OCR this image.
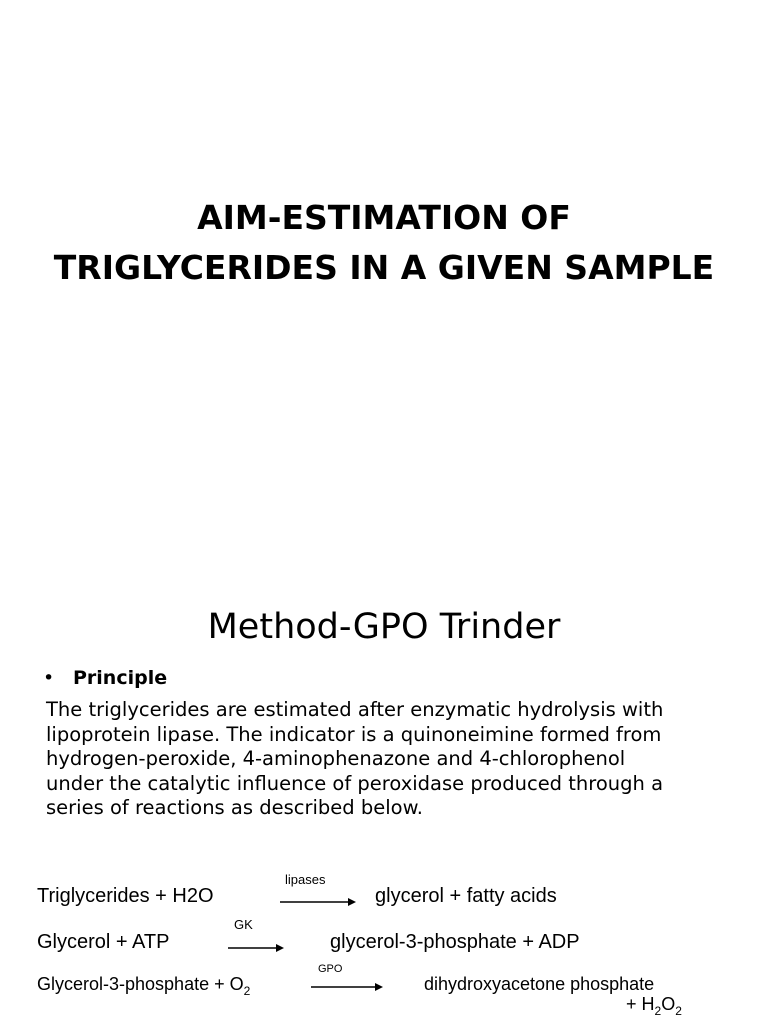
AIM-ESTIMATION OF
TRIGLYCERIDES IN A GIVEN SAMPLE
Method-GPO Trinder
• Principle
The triglycerides are estimated after enzymatic hydrolysis with
lipoprotein lipase. The indicator is a quinoneimine formed from
hydrogen-peroxide, 4-aminophenazone and 4-chlorophenol
under the catalytic influence of peroxidase produced through a
series of reactions as described below.
Triglycerides + H2O
lipases
glycerol + fatty acids
Glycerol + ATP
GK
glycerol-3-phosphate + ADP
Glycerol-3-phosphate + $O_2$
GPO
dihydroxyacetone phosphate
+ $H_2O_2$
